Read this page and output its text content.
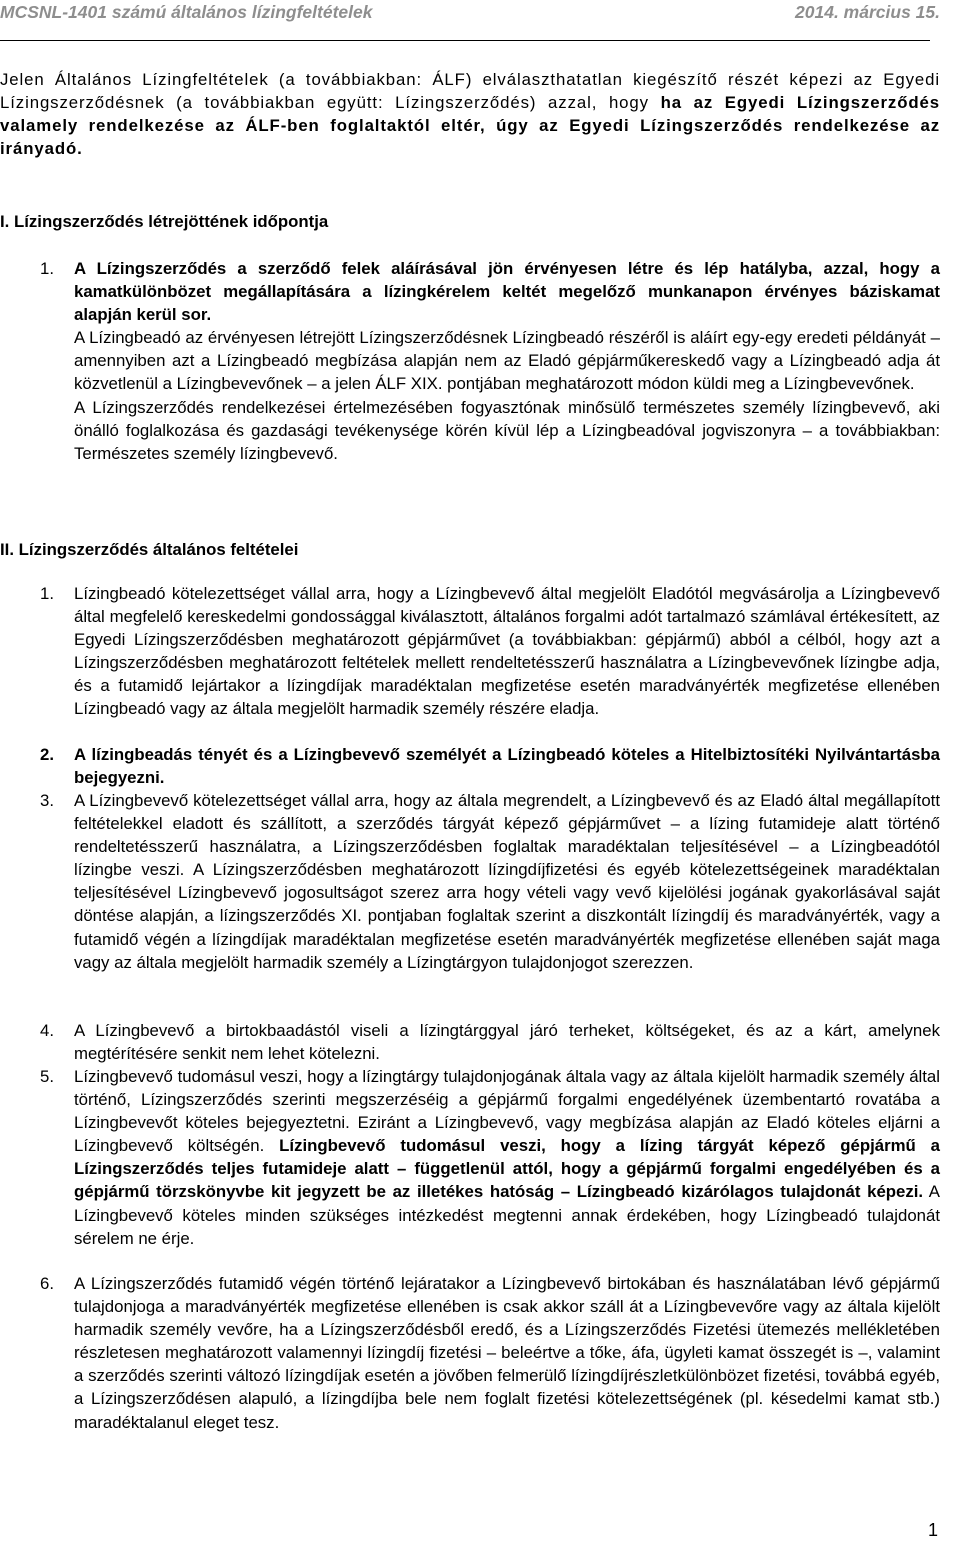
MCSNL-1401 számú általános lízingfeltételek	2014. március 15.
Jelen Általános Lízingfeltételek (a továbbiakban: ÁLF) elválaszthatatlan kiegészítő részét képezi az Egyedi Lízingszerződésnek (a továbbiakban együtt: Lízingszerződés) azzal, hogy ha az Egyedi Lízingszerződés valamely rendelkezése az ÁLF-ben foglaltaktól eltér, úgy az Egyedi Lízingszerződés rendelkezése az irányadó.
I. Lízingszerződés létrejöttének időpontja
1. A Lízingszerződés a szerződő felek aláírásával jön érvényesen létre és lép hatályba, azzal, hogy a kamatkülönbözet megállapítására a lízingkérelem keltét megelőző munkanapon érvényes báziskamat alapján kerül sor.

A Lízingbeadó az érvényesen létrejött Lízingszerződésnek Lízingbeadó részéről is aláírt egy-egy eredeti példányát – amennyiben azt a Lízingbeadó megbízása alapján nem az Eladó gépjárműkereskedő vagy a Lízingbeadó adja át közvetlenül a Lízingbevevőnek – a jelen ÁLF XIX. pontjában meghatározott módon küldi meg a Lízingbevevőnek.

A Lízingszerződés rendelkezései értelmezésében fogyasztónak minősülő természetes személy lízingbevevő, aki önálló foglalkozása és gazdasági tevékenysége körén kívül lép a Lízingbeadóval jogviszonyra – a továbbiakban: Természetes személy lízingbevevő.

II. Lízingszerződés általános feltételei
1. Lízingbeadó kötelezettséget vállal arra, hogy a Lízingbevevő által megjelölt Eladótól megvásárolja a Lízingbevevő által megfelelő kereskedelmi gondossággal kiválasztott, általános forgalmi adót tartalmazó számlával értékesített, az Egyedi Lízingszerződésben meghatározott gépjárművet (a továbbiakban: gépjármű) abból a célból, hogy azt a Lízingszerződésben meghatározott feltételek mellett rendeltetésszerű használatra a Lízingbevevőnek lízingbe adja, és a futamidő lejártakor a lízingdíjak maradéktalan megfizetése esetén maradványérték megfizetése ellenében Lízingbeadó vagy az általa megjelölt harmadik személy részére eladja.
2. A lízingbeadás tényét és a Lízingbevevő személyét a Lízingbeadó köteles a Hitelbiztosítéki Nyilvántartásba bejegyezni.
3. A Lízingbevevő kötelezettséget vállal arra, hogy az általa megrendelt, a Lízingbevevő és az Eladó által megállapított feltételekkel eladott és szállított, a szerződés tárgyát képező gépjárművet – a lízing futamideje alatt történő rendeltetésszerű használatra, a Lízingszerződésben foglaltak maradéktalan teljesítésével – a Lízingbeadótól lízingbe veszi. A Lízingszerződésben meghatározott lízingdíjfizetési és egyéb kötelezettségeinek maradéktalan teljesítésével Lízingbevevő jogosultságot szerez arra hogy vételi vagy vevő kijelölési jogának gyakorlásával saját döntése alapján, a lízingszerződés XI. pontjaban foglaltak szerint a diszkontált lízingdíj és maradványérték, vagy a futamidő végén a lízingdíjak maradéktalan megfizetése esetén maradványérték megfizetése ellenében saját maga vagy az általa megjelölt harmadik személy a Lízingtárgyon tulajdonjogot szerezzen.
4. A Lízingbevevő a birtokbaadástól viseli a lízingtárggyal járó terheket, költségeket, és az a kárt, amelynek megtérítésére senkit nem lehet kötelezni.
5. Lízingbevevő tudomásul veszi, hogy a lízingtárgy tulajdonjogának általa vagy az általa kijelölt harmadik személy által történő, Lízingszerződés szerinti megszerzéséig a gépjármű forgalmi engedélyének üzembentartó rovatába a Lízingbevevőt köteles bejegyeztetni. Eziránt a Lízingbevevő, vagy megbízása alapján az Eladó köteles eljárni a Lízingbevevő költségén. Lízingbevevő tudomásul veszi, hogy a lízing tárgyát képező gépjármű a Lízingszerződés teljes futamideje alatt – függetlenül attól, hogy a gépjármű forgalmi engedélyében és a gépjármű törzskönyvbe kit jegyzett be az illetékes hatóság – Lízingbeadó kizárólagos tulajdonát képezi. A Lízingbevevő köteles minden szükséges intézkedést megtenni annak érdekében, hogy Lízingbeadó tulajdonát sérelem ne érje.
6. A Lízingszerződés futamidő végén történő lejáratakor a Lízingbevevő birtokában és használatában lévő gépjármű tulajdonjoga a maradványérték megfizetése ellenében is csak akkor száll át a Lízingbevevőre vagy az általa kijelölt harmadik személy vevőre, ha a Lízingszerződésből eredő, és a Lízingszerződés Fizetési ütemezés mellékletében részletesen meghatározott valamennyi lízingdíj fizetési – beleértve a tőke, áfa, ügyleti kamat összegét is –, valamint a szerződés szerinti változó lízingdíjak esetén a jövőben felmerülő lízingdíjrészletkülönbözet fizetési, továbbá egyéb, a Lízingszerződésen alapuló, a lízingdíjba bele nem foglalt fizetési kötelezettségének (pl. késedelmi kamat stb.) maradéktalanul eleget tesz.
1
